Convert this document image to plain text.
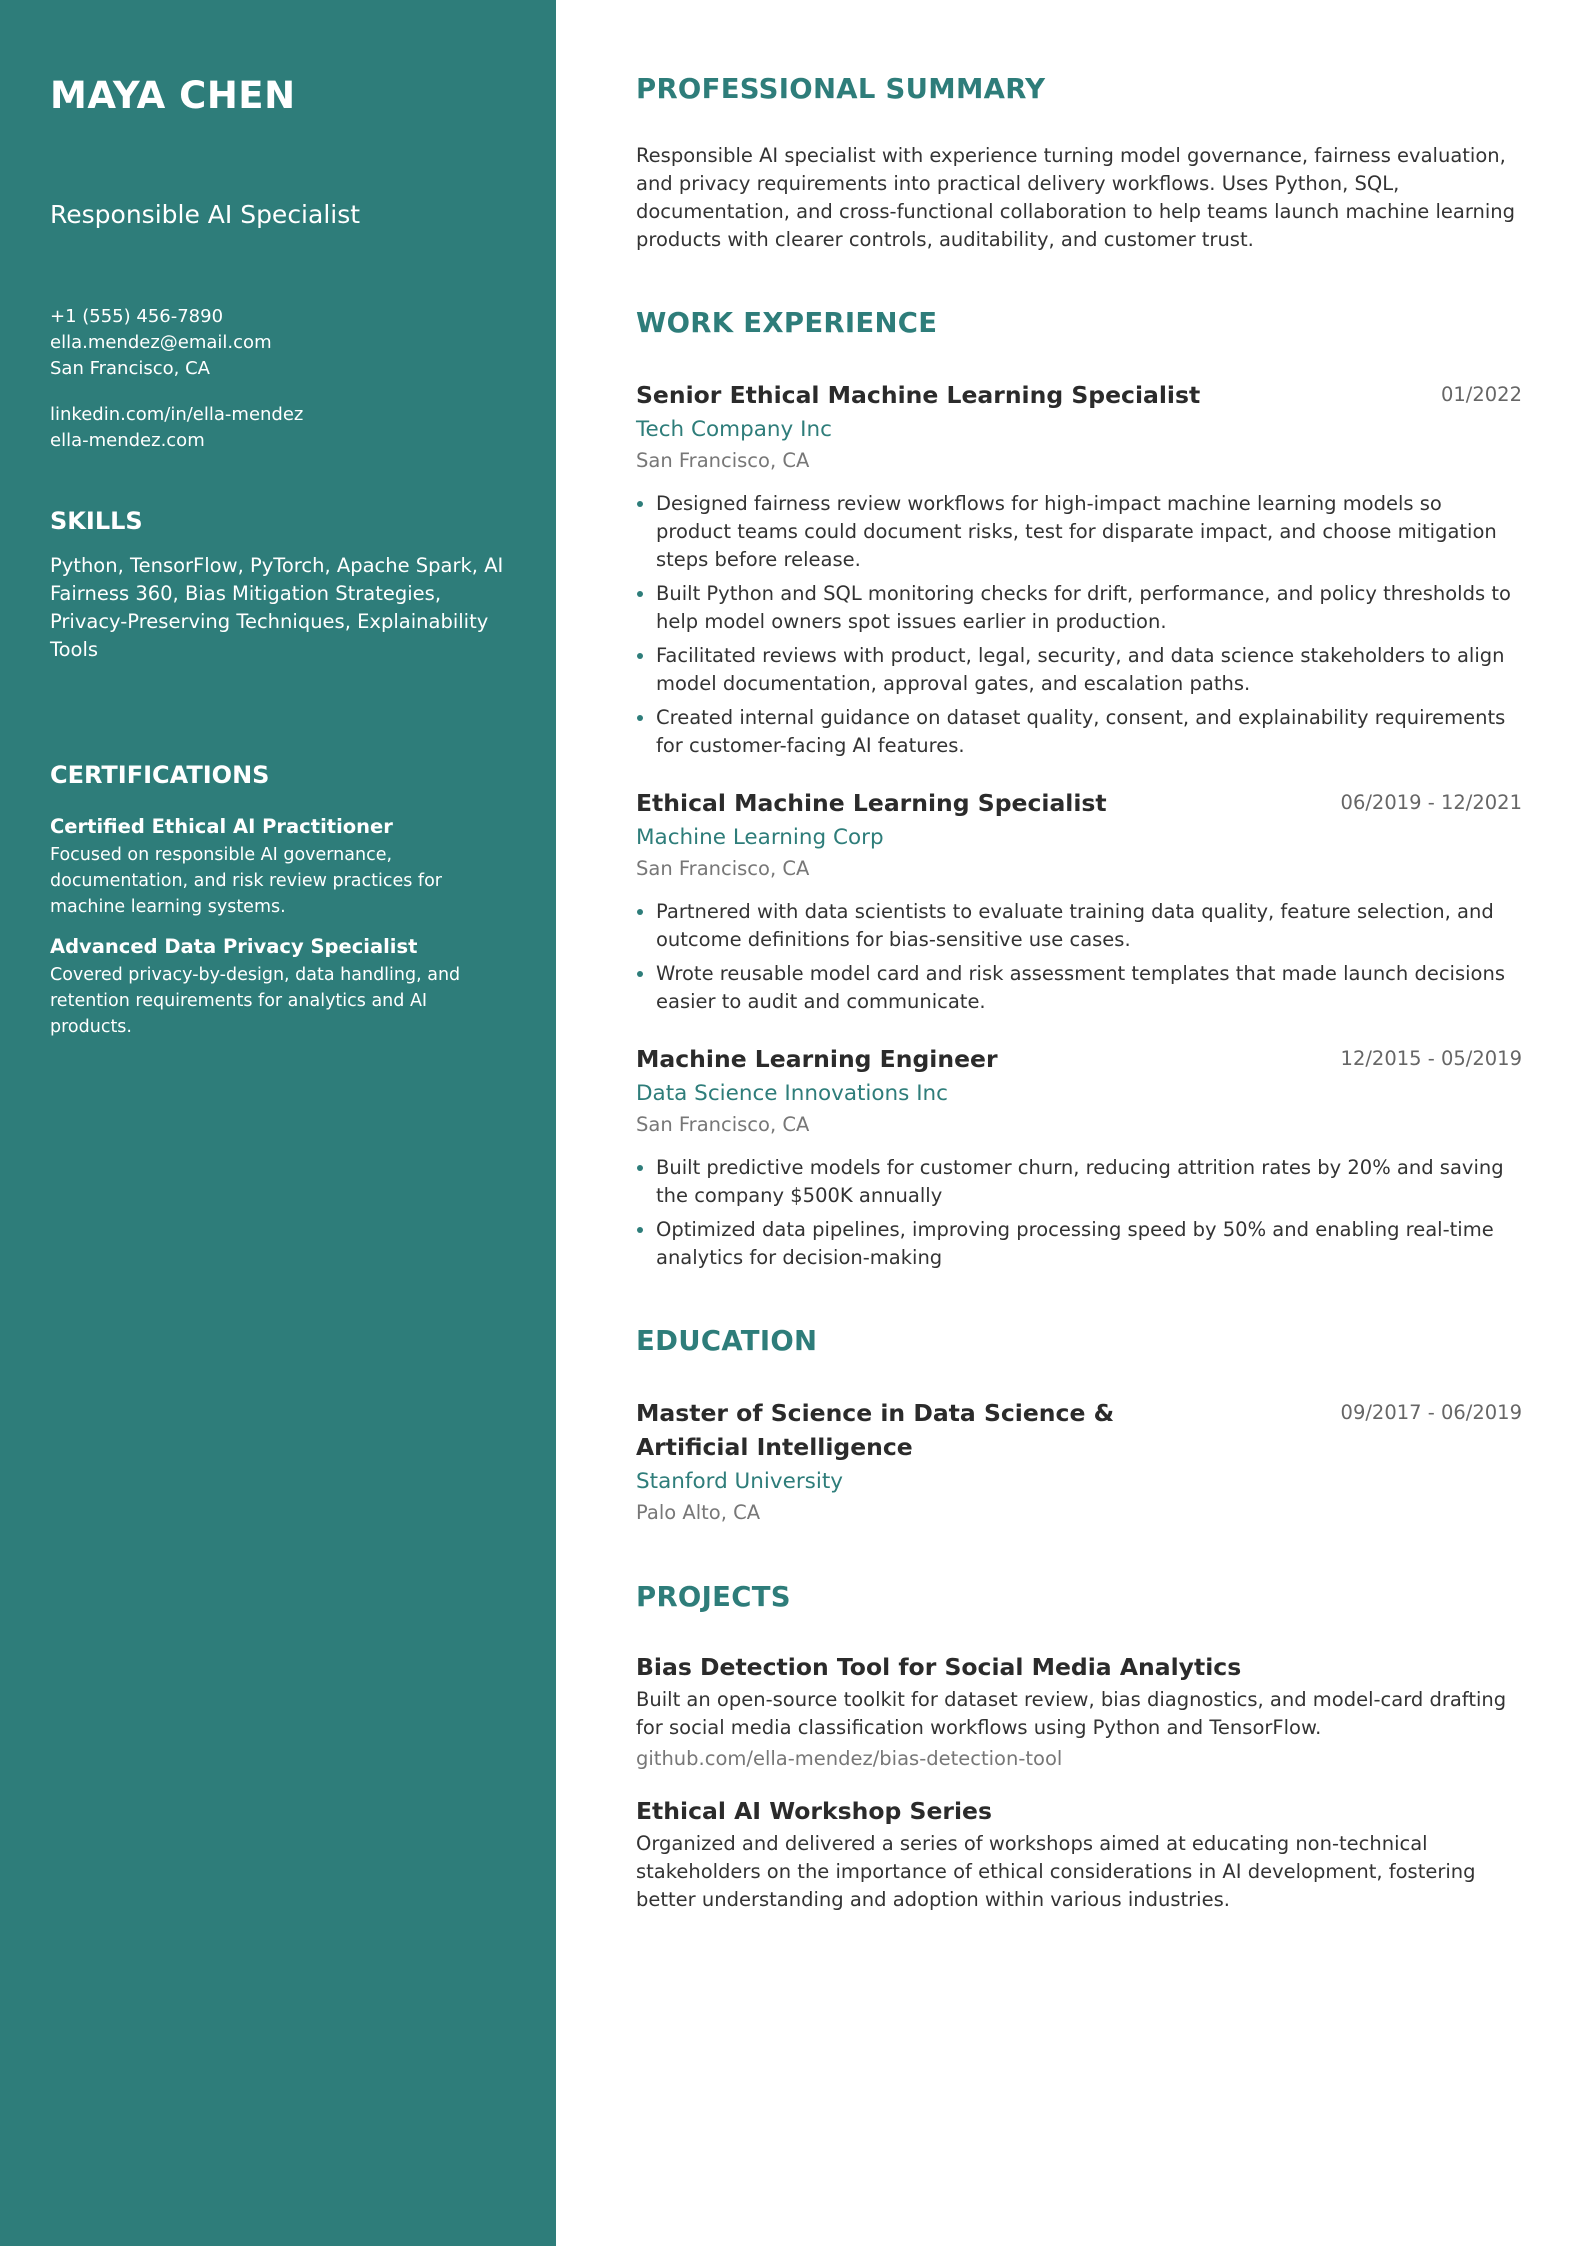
MAYA CHEN
Responsible AI Specialist
+1 (555) 456-7890
ella.mendez@email.com
San Francisco, CA
linkedin.com/in/ella-mendez
ella-mendez.com
SKILLS
Python, TensorFlow, PyTorch, Apache Spark, AI Fairness 360, Bias Mitigation Strategies, Privacy-Preserving Techniques, Explainability Tools
CERTIFICATIONS
Certified Ethical AI Practitioner
Focused on responsible AI governance, documentation, and risk review practices for machine learning systems.
Advanced Data Privacy Specialist
Covered privacy-by-design, data handling, and retention requirements for analytics and AI products.
PROFESSIONAL SUMMARY
Responsible AI specialist with experience turning model governance, fairness evaluation, and privacy requirements into practical delivery workflows. Uses Python, SQL, documentation, and cross-functional collaboration to help teams launch machine learning products with clearer controls, auditability, and customer trust.
WORK EXPERIENCE
Senior Ethical Machine Learning Specialist	01/2022
Tech Company Inc
San Francisco, CA
Designed fairness review workflows for high-impact machine learning models so product teams could document risks, test for disparate impact, and choose mitigation steps before release.
Built Python and SQL monitoring checks for drift, performance, and policy thresholds to help model owners spot issues earlier in production.
Facilitated reviews with product, legal, security, and data science stakeholders to align model documentation, approval gates, and escalation paths.
Created internal guidance on dataset quality, consent, and explainability requirements for customer-facing AI features.
Ethical Machine Learning Specialist	06/2019 - 12/2021
Machine Learning Corp
San Francisco, CA
Partnered with data scientists to evaluate training data quality, feature selection, and outcome definitions for bias-sensitive use cases.
Wrote reusable model card and risk assessment templates that made launch decisions easier to audit and communicate.
Machine Learning Engineer	12/2015 - 05/2019
Data Science Innovations Inc
San Francisco, CA
Built predictive models for customer churn, reducing attrition rates by 20% and saving the company $500K annually
Optimized data pipelines, improving processing speed by 50% and enabling real-time analytics for decision-making
EDUCATION
Master of Science in Data Science & Artificial Intelligence
09/2017 - 06/2019
Stanford University
Palo Alto, CA
PROJECTS
Bias Detection Tool for Social Media Analytics
Built an open-source toolkit for dataset review, bias diagnostics, and model-card drafting for social media classification workflows using Python and TensorFlow.
github.com/ella-mendez/bias-detection-tool
Ethical AI Workshop Series
Organized and delivered a series of workshops aimed at educating non-technical stakeholders on the importance of ethical considerations in AI development, fostering better understanding and adoption within various industries.
